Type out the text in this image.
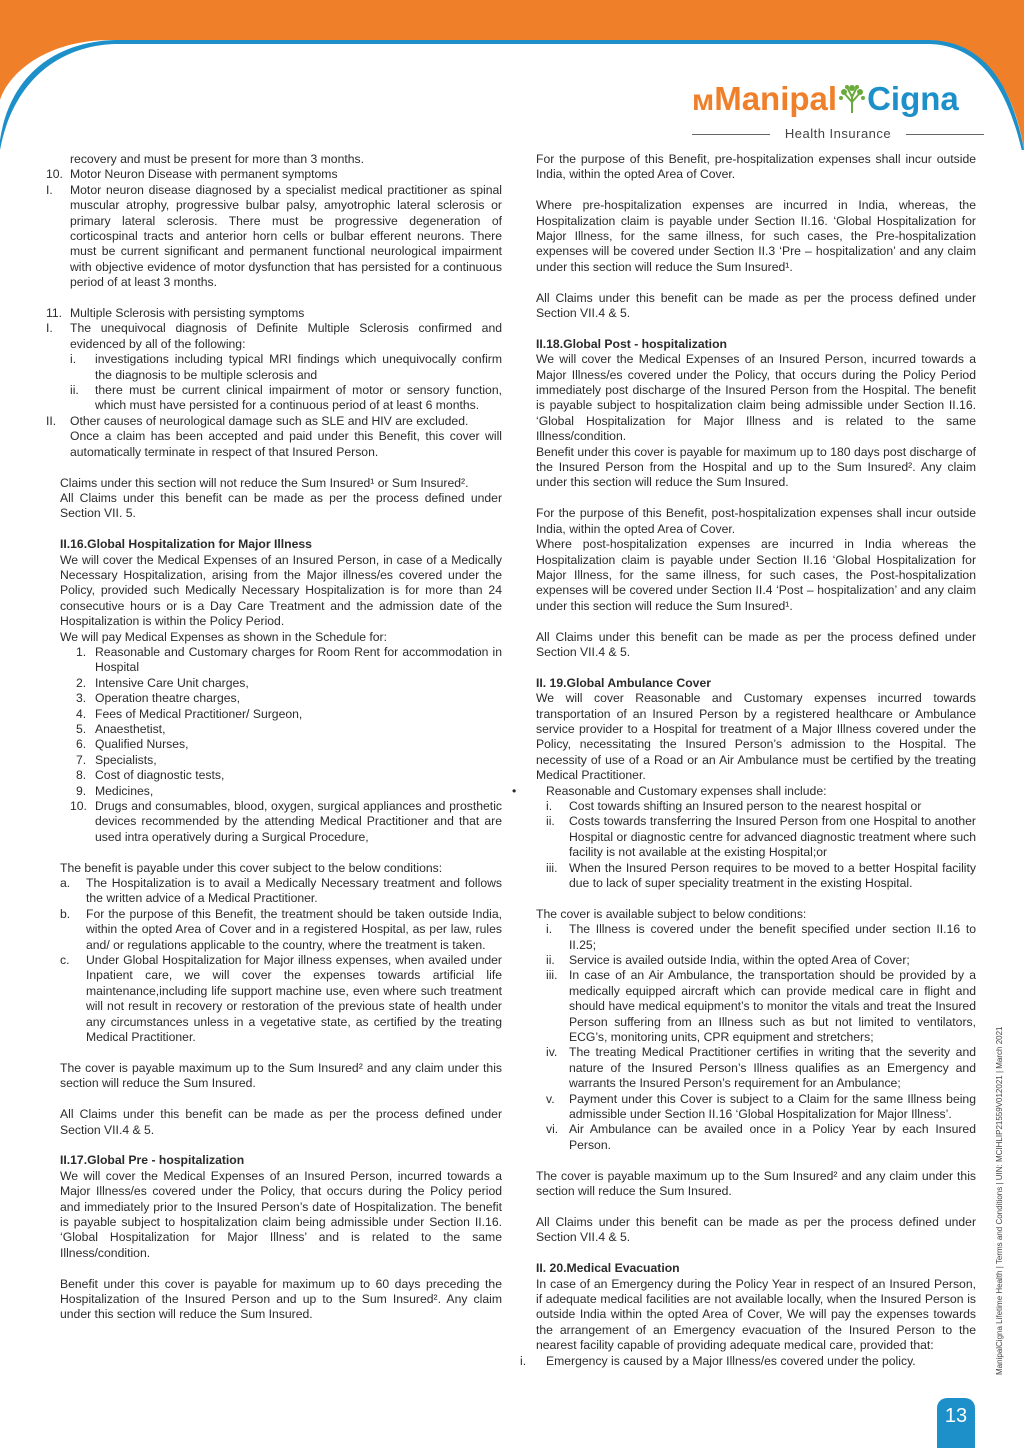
ᴍManipal Cigna
Health Insurance
recovery and must be present for more than 3 months.
10. Motor Neuron Disease with permanent symptoms
I. Motor neuron disease diagnosed by a specialist medical practitioner as spinal muscular atrophy, progressive bulbar palsy, amyotrophic lateral sclerosis or primary lateral sclerosis. There must be progressive degeneration of corticospinal tracts and anterior horn cells or bulbar efferent neurons. There must be current significant and permanent functional neurological impairment with objective evidence of motor dysfunction that has persisted for a continuous period of at least 3 months.
11. Multiple Sclerosis with persisting symptoms
I. The unequivocal diagnosis of Definite Multiple Sclerosis confirmed and evidenced by all of the following:
i. investigations including typical MRI findings which unequivocally confirm the diagnosis to be multiple sclerosis and
ii. there must be current clinical impairment of motor or sensory function, which must have persisted for a continuous period of at least 6 months.
II. Other causes of neurological damage such as SLE and HIV are excluded.
Once a claim has been accepted and paid under this Benefit, this cover will automatically terminate in respect of that Insured Person.
Claims under this section will not reduce the Sum Insured¹ or Sum Insured².
All Claims under this benefit can be made as per the process defined under Section VII. 5.
II.16.Global Hospitalization for Major Illness
We will cover the Medical Expenses of an Insured Person, in case of a Medically Necessary Hospitalization, arising from the Major illness/es covered under the Policy, provided such Medically Necessary Hospitalization is for more than 24 consecutive hours or is a Day Care Treatment and the admission date of the Hospitalization is within the Policy Period.
We will pay Medical Expenses as shown in the Schedule for:
1. Reasonable and Customary charges for Room Rent for accommodation in Hospital
2. Intensive Care Unit charges,
3. Operation theatre charges,
4. Fees of Medical Practitioner/ Surgeon,
5. Anaesthetist,
6. Qualified Nurses,
7. Specialists,
8. Cost of diagnostic tests,
9. Medicines,
10. Drugs and consumables, blood, oxygen, surgical appliances and prosthetic devices recommended by the attending Medical Practitioner and that are used intra operatively during a Surgical Procedure,
The benefit is payable under this cover subject to the below conditions:
a. The Hospitalization is to avail a Medically Necessary treatment and follows the written advice of a Medical Practitioner.
b. For the purpose of this Benefit, the treatment should be taken outside India, within the opted Area of Cover and in a registered Hospital, as per law, rules and/ or regulations applicable to the country, where the treatment is taken.
c. Under Global Hospitalization for Major illness expenses, when availed under Inpatient care, we will cover the expenses towards artificial life maintenance,including life support machine use, even where such treatment will not result in recovery or restoration of the previous state of health under any circumstances unless in a vegetative state, as certified by the treating Medical Practitioner.
The cover is payable maximum up to the Sum Insured² and any claim under this section will reduce the Sum Insured.
All Claims under this benefit can be made as per the process defined under Section VII.4 & 5.
II.17.Global Pre - hospitalization
We will cover the Medical Expenses of an Insured Person, incurred towards a Major Illness/es covered under the Policy, that occurs during the Policy period and immediately prior to the Insured Person’s date of Hospitalization. The benefit is payable subject to hospitalization claim being admissible under Section II.16. ‘Global Hospitalization for Major Illness’ and is related to the same Illness/condition.
Benefit under this cover is payable for maximum up to 60 days preceding the Hospitalization of the Insured Person and up to the Sum Insured². Any claim under this section will reduce the Sum Insured.
For the purpose of this Benefit, pre-hospitalization expenses shall incur outside India, within the opted Area of Cover.
Where pre-hospitalization expenses are incurred in India, whereas, the Hospitalization claim is payable under Section II.16. ‘Global Hospitalization for Major Illness, for the same illness, for such cases, the Pre-hospitalization expenses will be covered under Section II.3 ‘Pre – hospitalization’ and any claim under this section will reduce the Sum Insured¹.
All Claims under this benefit can be made as per the process defined under Section VII.4 & 5.
II.18.Global Post - hospitalization
We will cover the Medical Expenses of an Insured Person, incurred towards a Major Illness/es covered under the Policy, that occurs during the Policy Period immediately post discharge of the Insured Person from the Hospital. The benefit is payable subject to hospitalization claim being admissible under Section II.16. ‘Global Hospitalization for Major Illness and is related to the same Illness/condition.
Benefit under this cover is payable for maximum up to 180 days post discharge of the Insured Person from the Hospital and up to the Sum Insured². Any claim under this section will reduce the Sum Insured.
For the purpose of this Benefit, post-hospitalization expenses shall incur outside India, within the opted Area of Cover.
Where post-hospitalization expenses are incurred in India whereas the Hospitalization claim is payable under Section II.16 ‘Global Hospitalization for Major Illness, for the same illness, for such cases, the Post-hospitalization expenses will be covered under Section II.4 ‘Post – hospitalization’ and any claim under this section will reduce the Sum Insured¹.
All Claims under this benefit can be made as per the process defined under Section VII.4 & 5.
II. 19.Global Ambulance Cover
We will cover Reasonable and Customary expenses incurred towards transportation of an Insured Person by a registered healthcare or Ambulance service provider to a Hospital for treatment of a Major Illness covered under the Policy, necessitating the Insured Person’s admission to the Hospital. The necessity of use of a Road or an Air Ambulance must be certified by the treating Medical Practitioner.
• Reasonable and Customary expenses shall include:
i. Cost towards shifting an Insured person to the nearest hospital or
ii. Costs towards transferring the Insured Person from one Hospital to another Hospital or diagnostic centre for advanced diagnostic treatment where such facility is not available at the existing Hospital;or
iii. When the Insured Person requires to be moved to a better Hospital facility due to lack of super speciality treatment in the existing Hospital.
The cover is available subject to below conditions:
i. The Illness is covered under the benefit specified under section II.16 to II.25;
ii. Service is availed outside India, within the opted Area of Cover;
iii. In case of an Air Ambulance, the transportation should be provided by a medically equipped aircraft which can provide medical care in flight and should have medical equipment’s to monitor the vitals and treat the Insured Person suffering from an Illness such as but not limited to ventilators, ECG’s, monitoring units, CPR equipment and stretchers;
iv. The treating Medical Practitioner certifies in writing that the severity and nature of the Insured Person’s Illness qualifies as an Emergency and warrants the Insured Person’s requirement for an Ambulance;
v. Payment under this Cover is subject to a Claim for the same Illness being admissible under Section II.16 ‘Global Hospitalization for Major Illness’.
vi. Air Ambulance can be availed once in a Policy Year by each Insured Person.
The cover is payable maximum up to the Sum Insured² and any claim under this section will reduce the Sum Insured.
All Claims under this benefit can be made as per the process defined under Section VII.4 & 5.
II. 20.Medical Evacuation
In case of an Emergency during the Policy Year in respect of an Insured Person, if adequate medical facilities are not available locally, when the Insured Person is outside India within the opted Area of Cover, We will pay the expenses towards the arrangement of an Emergency evacuation of the Insured Person to the nearest facility capable of providing adequate medical care, provided that:
i. Emergency is caused by a Major Illness/es covered under the policy.	ManipalCigna Lifetime Health | Terms and Conditions | UIN: MCIHLIP21559V012021 | March 2021
13
